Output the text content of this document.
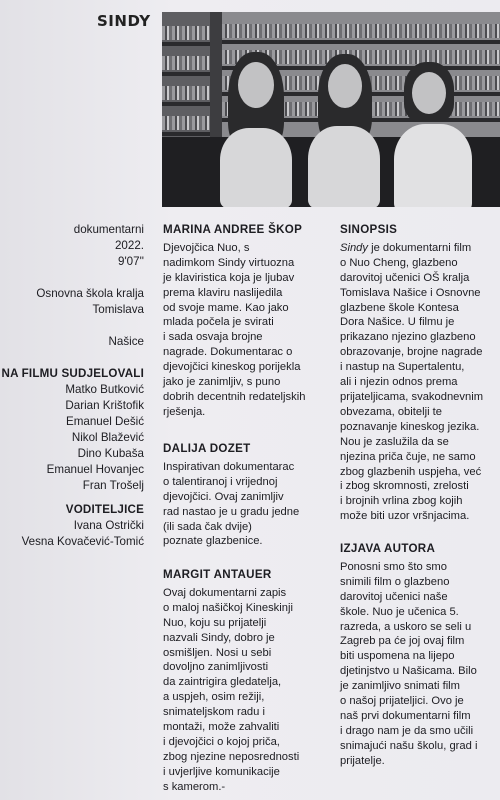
SINDY
dokumentarni
2022.
9'07''
Osnovna škola kralja
Tomislava
Našice
NA FILMU SUDJELOVALI
Matko Butković
Darian Krištofik
Emanuel Dešić
Nikol Blažević
Dino Kubaša
Emanuel Hovanjec
Fran Trošelj
VODITELJICE
Ivana Ostrički
Vesna Kovačević-Tomić
MARINA ANDREE ŠKOP

Djevojčica Nuo, s
nadimkom Sindy virtuozna
je klaviristica koja je ljubav
prema klaviru naslijedila
od svoje mame. Kao jako
mlada počela je svirati
i sada osvaja brojne
nagrade. Dokumentarac o
djevojčici kineskog porijekla
jako je zanimljiv, s puno
dobrih decentnih redateljskih
rješenja.

DALIJA DOZET

Inspirativan dokumentarac
o talentiranoj i vrijednoj
djevojčici. Ovaj zanimljiv
rad nastao je u gradu jedne
(ili sada čak dvije)
poznate glazbenice.

MARGIT ANTAUER

Ovaj dokumentarni zapis
o maloj našičkoj Kineskinji
Nuo, koju su prijatelji
nazvali Sindy, dobro je
osmišljen. Nosi u sebi
dovoljno zanimljivosti
da zaintrigira gledatelja,
a uspjeh, osim režiji,
snimateljskom radu i
montaži, može zahvaliti
i djevojčici o kojoj priča,
zbog njezine neposrednosti
i uvjerljive komunikacije
s kamerom.-

SINOPSIS

Sindy je dokumentarni film
o Nuo Cheng, glazbeno
darovitoj učenici OŠ kralja
Tomislava Našice i Osnovne
glazbene škole Kontesa
Dora Našice. U filmu je
prikazano njezino glazbeno
obrazovanje, brojne nagrade
i nastup na Supertalentu,
ali i njezin odnos prema
prijateljicama, svakodnevnim
obvezama, obitelji te
poznavanje kineskog jezika.
Nou je zaslužila da se
njezina priča čuje, ne samo
zbog glazbenih uspjeha, već
i zbog skromnosti, zrelosti
i brojnih vrlina zbog kojih
može biti uzor vršnjacima.

IZJAVA AUTORA

Ponosni smo što smo
snimili film o glazbeno
darovitoj učenici naše
škole. Nuo je učenica 5.
razreda, a uskoro se seli u
Zagreb pa će joj ovaj film
biti uspomena na lijepo
djetinjstvo u Našicama. Bilo
je zanimljivo snimati film
o našoj prijateljici. Ovo je
naš prvi dokumentarni film
i drago nam je da smo učili
snimajući našu školu, grad i
prijatelje.
